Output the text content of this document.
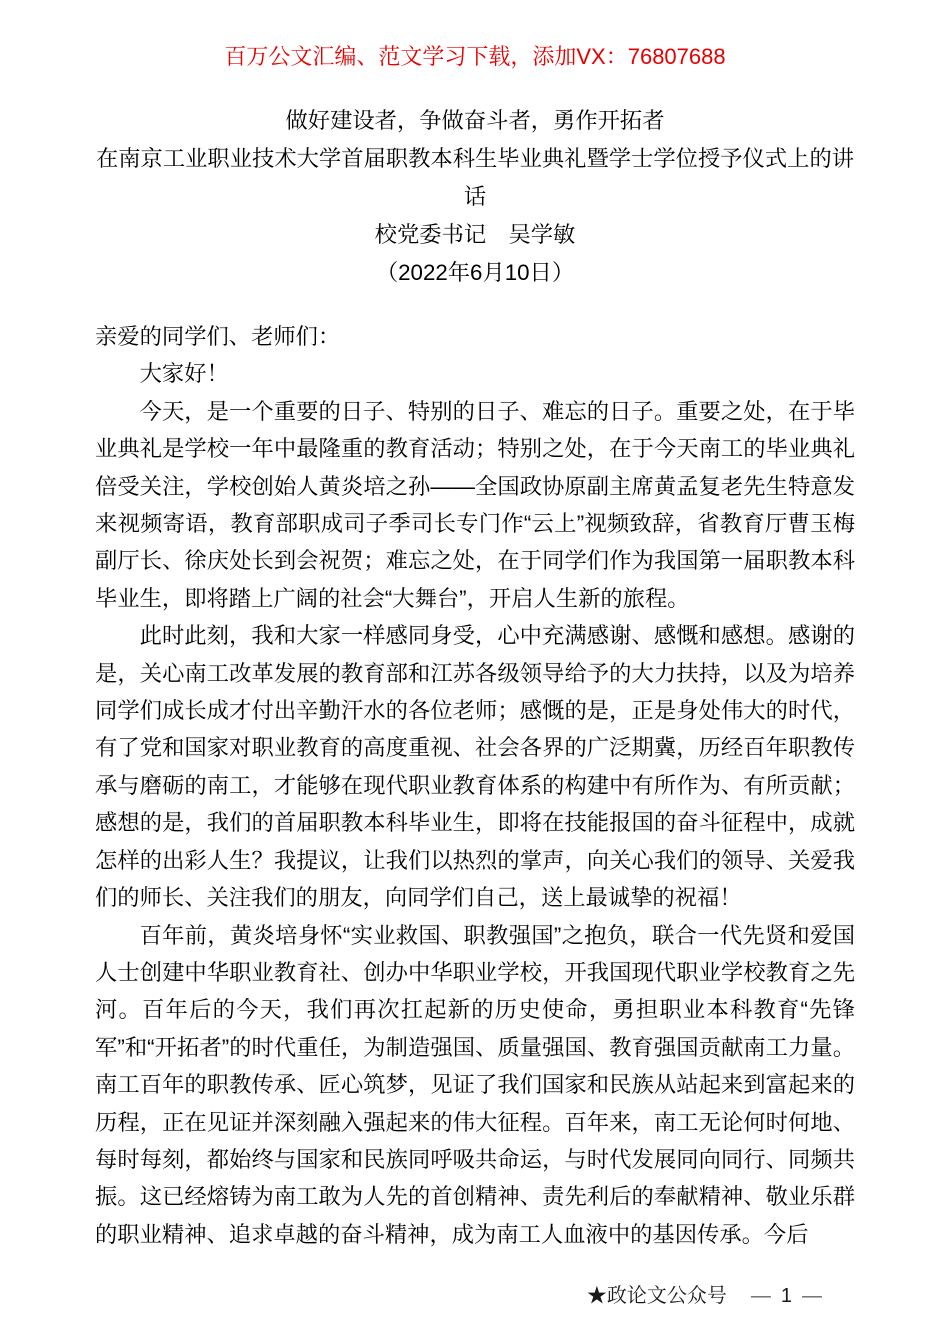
百万公文汇编、范文学习下载，添加VX：76807688
做好建设者，争做奋斗者，勇作开拓者
在南京工业职业技术大学首届职教本科生毕业典礼暨学士学位授予仪式上的讲话
校党委书记　吴学敏
（2022年6月10日）

亲爱的同学们、老师们：

大家好！

今天，是一个重要的日子、特别的日子、难忘的日子。重要之处，在于毕业典礼是学校一年中最隆重的教育活动；特别之处，在于今天南工的毕业典礼倍受关注，学校创始人黄炎培之孙——全国政协原副主席黄孟复老先生特意发来视频寄语，教育部职成司子季司长专门作“云上”视频致辞，省教育厅曹玉梅副厅长、徐庆处长到会祝贺；难忘之处，在于同学们作为我国第一届职教本科毕业生，即将踏上广阔的社会“大舞台”，开启人生新的旅程。

此时此刻，我和大家一样感同身受，心中充满感谢、感慨和感想。感谢的是，关心南工改革发展的教育部和江苏各级领导给予的大力扶持，以及为培养同学们成长成才付出辛勤汗水的各位老师；感慨的是，正是身处伟大的时代，有了党和国家对职业教育的高度重视、社会各界的广泛期冀，历经百年职教传承与磨砺的南工，才能够在现代职业教育体系的构建中有所作为、有所贡献；感想的是，我们的首届职教本科毕业生，即将在技能报国的奋斗征程中，成就怎样的出彩人生？我提议，让我们以热烈的掌声，向关心我们的领导、关爱我们的师长、关注我们的朋友，向同学们自己，送上最诚挚的祝福！

百年前，黄炎培身怀“实业救国、职教强国”之抱负，联合一代先贤和爱国人士创建中华职业教育社、创办中华职业学校，开我国现代职业学校教育之先河。百年后的今天，我们再次扛起新的历史使命，勇担职业本科教育“先锋军”和“开拓者”的时代重任，为制造强国、质量强国、教育强国贡献南工力量。南工百年的职教传承、匠心筑梦，见证了我们国家和民族从站起来到富起来的历程，正在见证并深刻融入强起来的伟大征程。百年来，南工无论何时何地、每时每刻，都始终与国家和民族同呼吸共命运，与时代发展同向同行、同频共振。这已经熔铸为南工敢为人先的首创精神、责先利后的奉献精神、敬业乐群的职业精神、追求卓越的奋斗精神，成为南工人血液中的基因传承。今后

★政论文公众号 — 1 —
